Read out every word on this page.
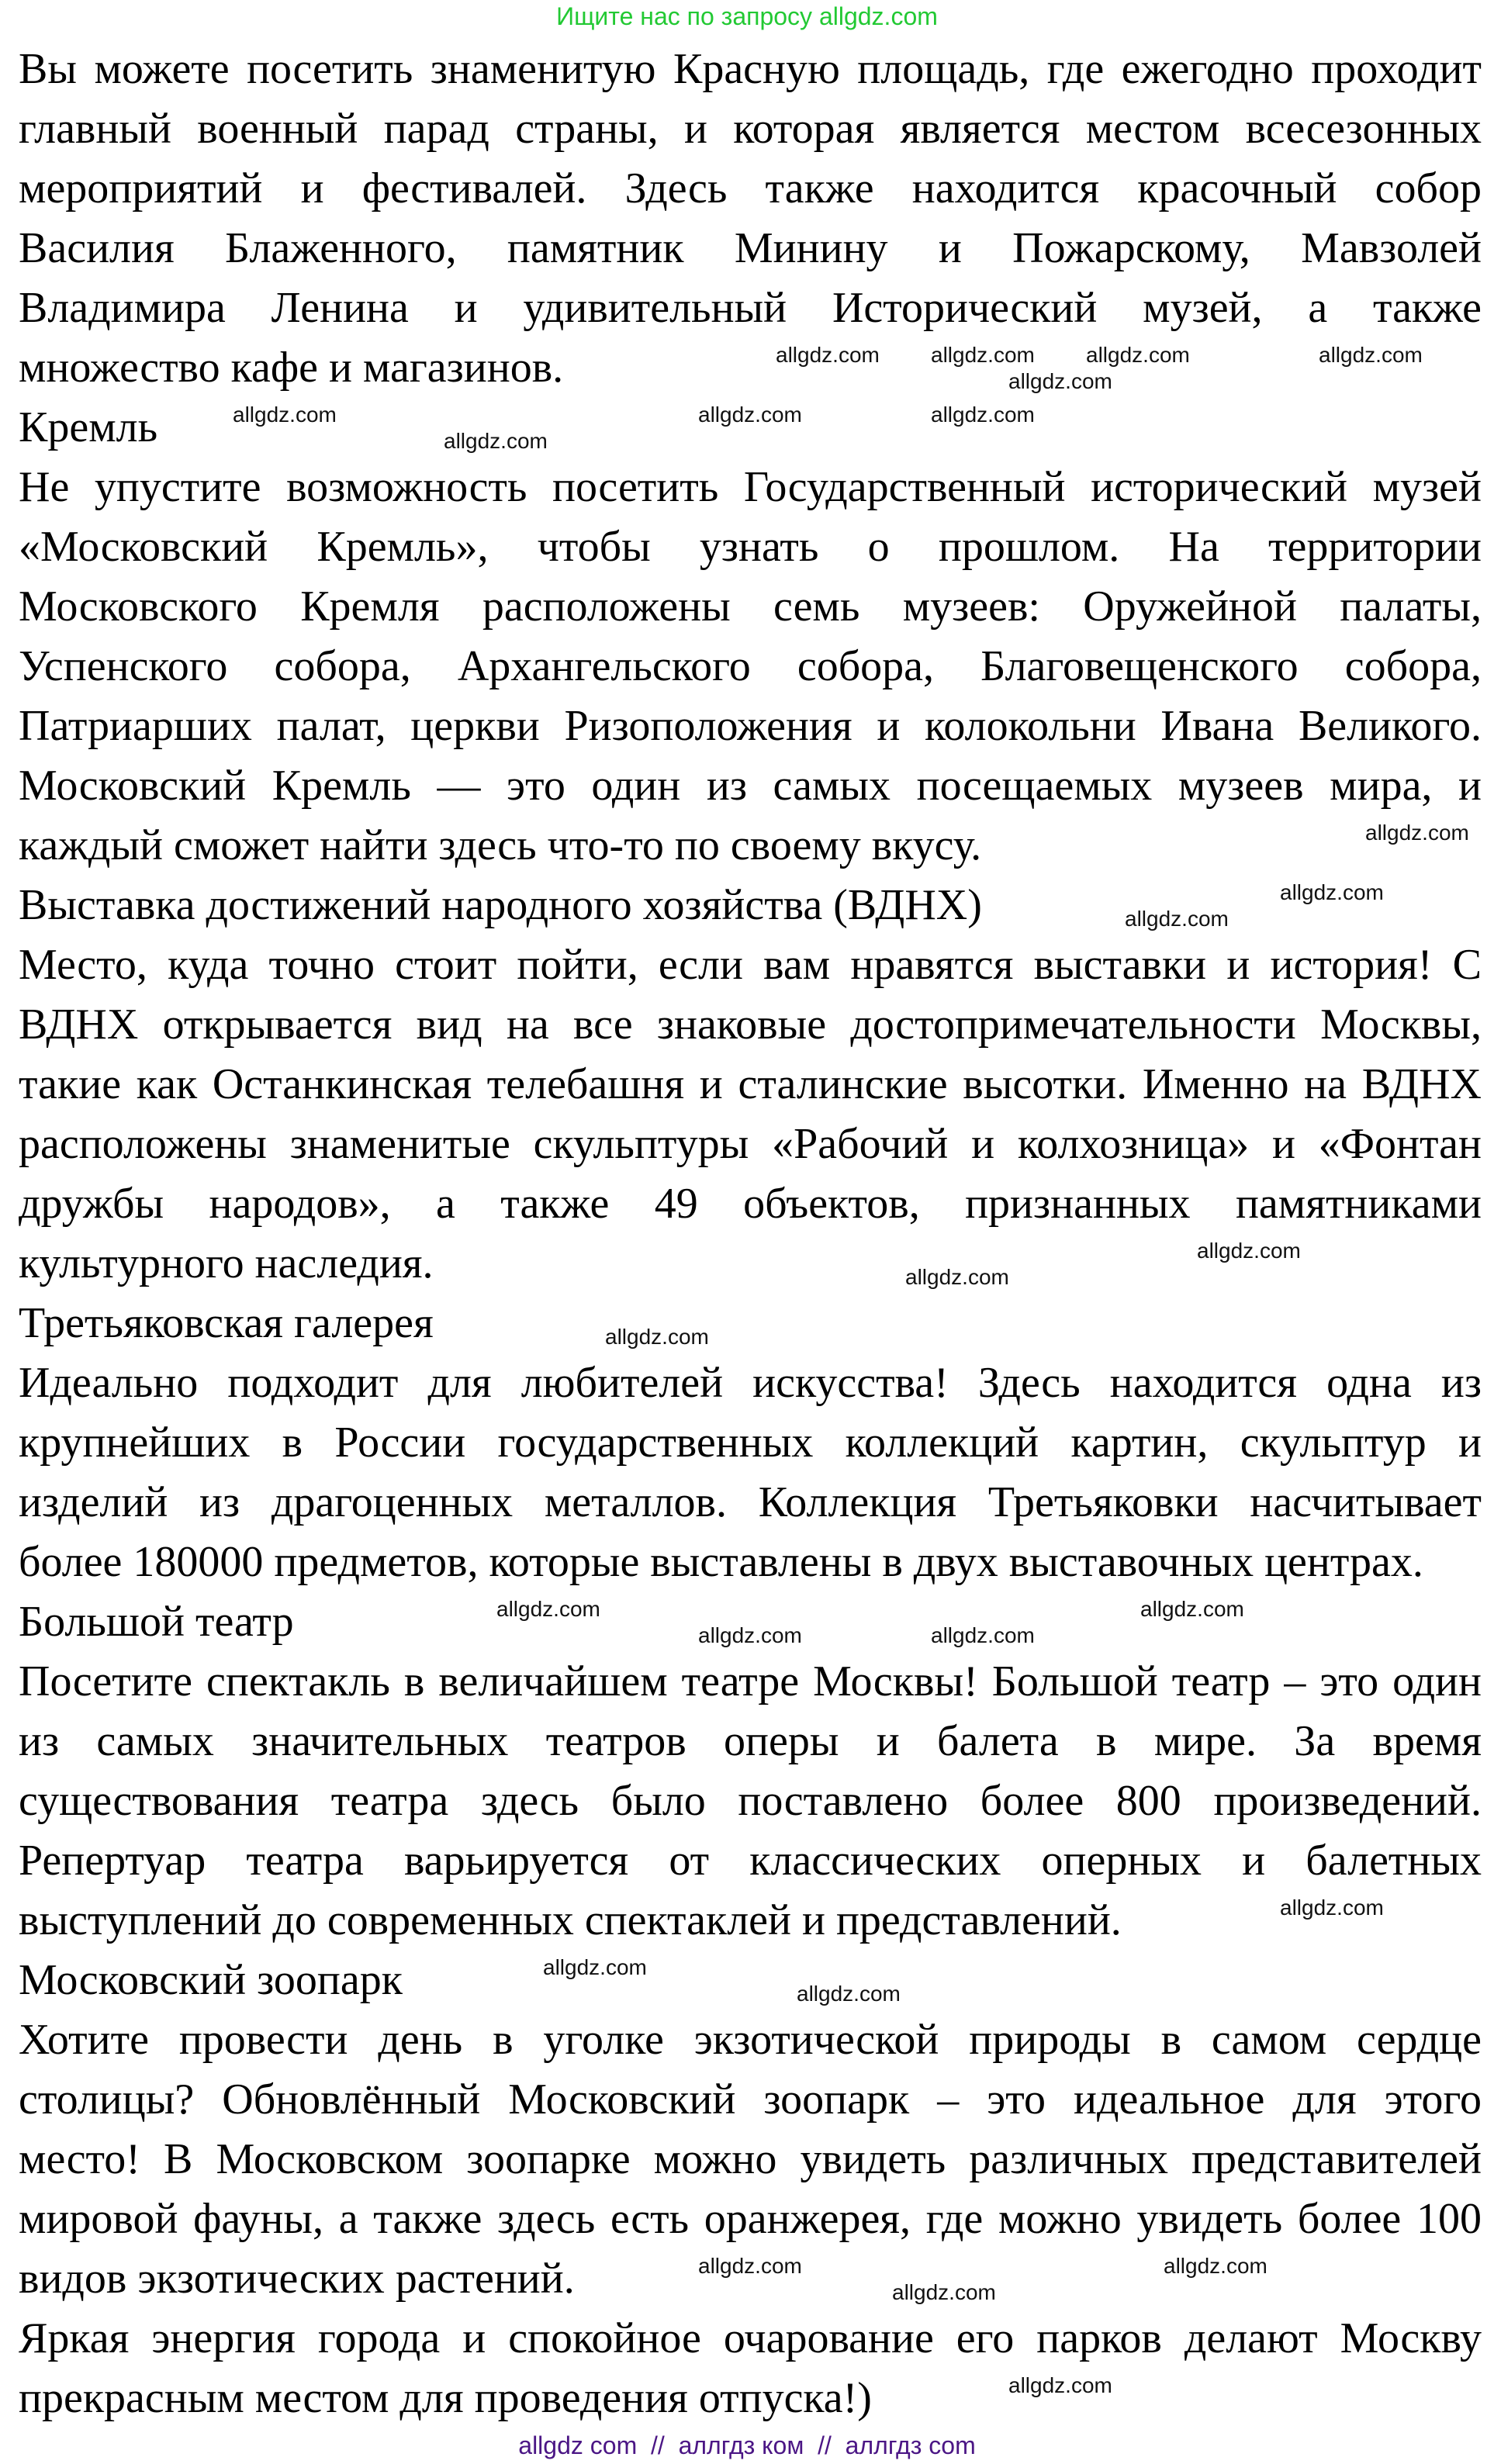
Ищите нас по запросу allgdz.com
Вы можете посетить знаменитую Красную площадь, где ежегодно проходит
главный военный парад страны, и которая является местом всесезонных
мероприятий и фестивалей. Здесь также находится красочный собор
Василия Блаженного, памятник Минину и Пожарскому, Мавзолей
Владимира Ленина и удивительный Исторический музей, а также
множество кафе и магазинов.
Кремль
Не упустите возможность посетить Государственный исторический музей
«Московский Кремль», чтобы узнать о прошлом. На территории
Московского Кремля расположены семь музеев: Оружейной палаты,
Успенского собора, Архангельского собора, Благовещенского собора,
Патриарших палат, церкви Ризоположения и колокольни Ивана Великого.
Московский Кремль — это один из самых посещаемых музеев мира, и
каждый сможет найти здесь что-то по своему вкусу.
Выставка достижений народного хозяйства (ВДНХ)
Место, куда точно стоит пойти, если вам нравятся выставки и история! С
ВДНХ открывается вид на все знаковые достопримечательности Москвы,
такие как Останкинская телебашня и сталинские высотки. Именно на ВДНХ
расположены знаменитые скульптуры «Рабочий и колхозница» и «Фонтан
дружбы народов», а также 49 объектов, признанных памятниками
культурного наследия.
Третьяковская галерея
Идеально подходит для любителей искусства! Здесь находится одна из
крупнейших в России государственных коллекций картин, скульптур и
изделий из драгоценных металлов. Коллекция Третьяковки насчитывает
более 180000 предметов, которые выставлены в двух выставочных центрах.
Большой театр
Посетите спектакль в величайшем театре Москвы! Большой театр – это один
из самых значительных театров оперы и балета в мире. За время
существования театра здесь было поставлено более 800 произведений.
Репертуар театра варьируется от классических оперных и балетных
выступлений до современных спектаклей и представлений.
Московский зоопарк
Хотите провести день в уголке экзотической природы в самом сердце
столицы? Обновлённый Московский зоопарк – это идеальное для этого
место! В Московском зоопарке можно увидеть различных представителей
мировой фауны, а также здесь есть оранжерея, где можно увидеть более 100
видов экзотических растений.
Яркая энергия города и спокойное очарование его парков делают Москву
прекрасным местом для проведения отпуска!)
allgdz.com allgdz.com allgdz.com	allgdz.com
allgdz.com
allgdz.com
allgdz.com
allgdz.com	allgdz.com
allgdz.com
allgdz.com
allgdz.com
allgdz.com
allgdz.com
allgdz.com
allgdz.com
allgdz.com
allgdz.com	allgdz.com
allgdz.com
allgdz.com
allgdz.com
allgdz.com
allgdz.com
allgdz.com
allgdz.com
allgdz com  //  аллгдз ком  //  аллгдз com
